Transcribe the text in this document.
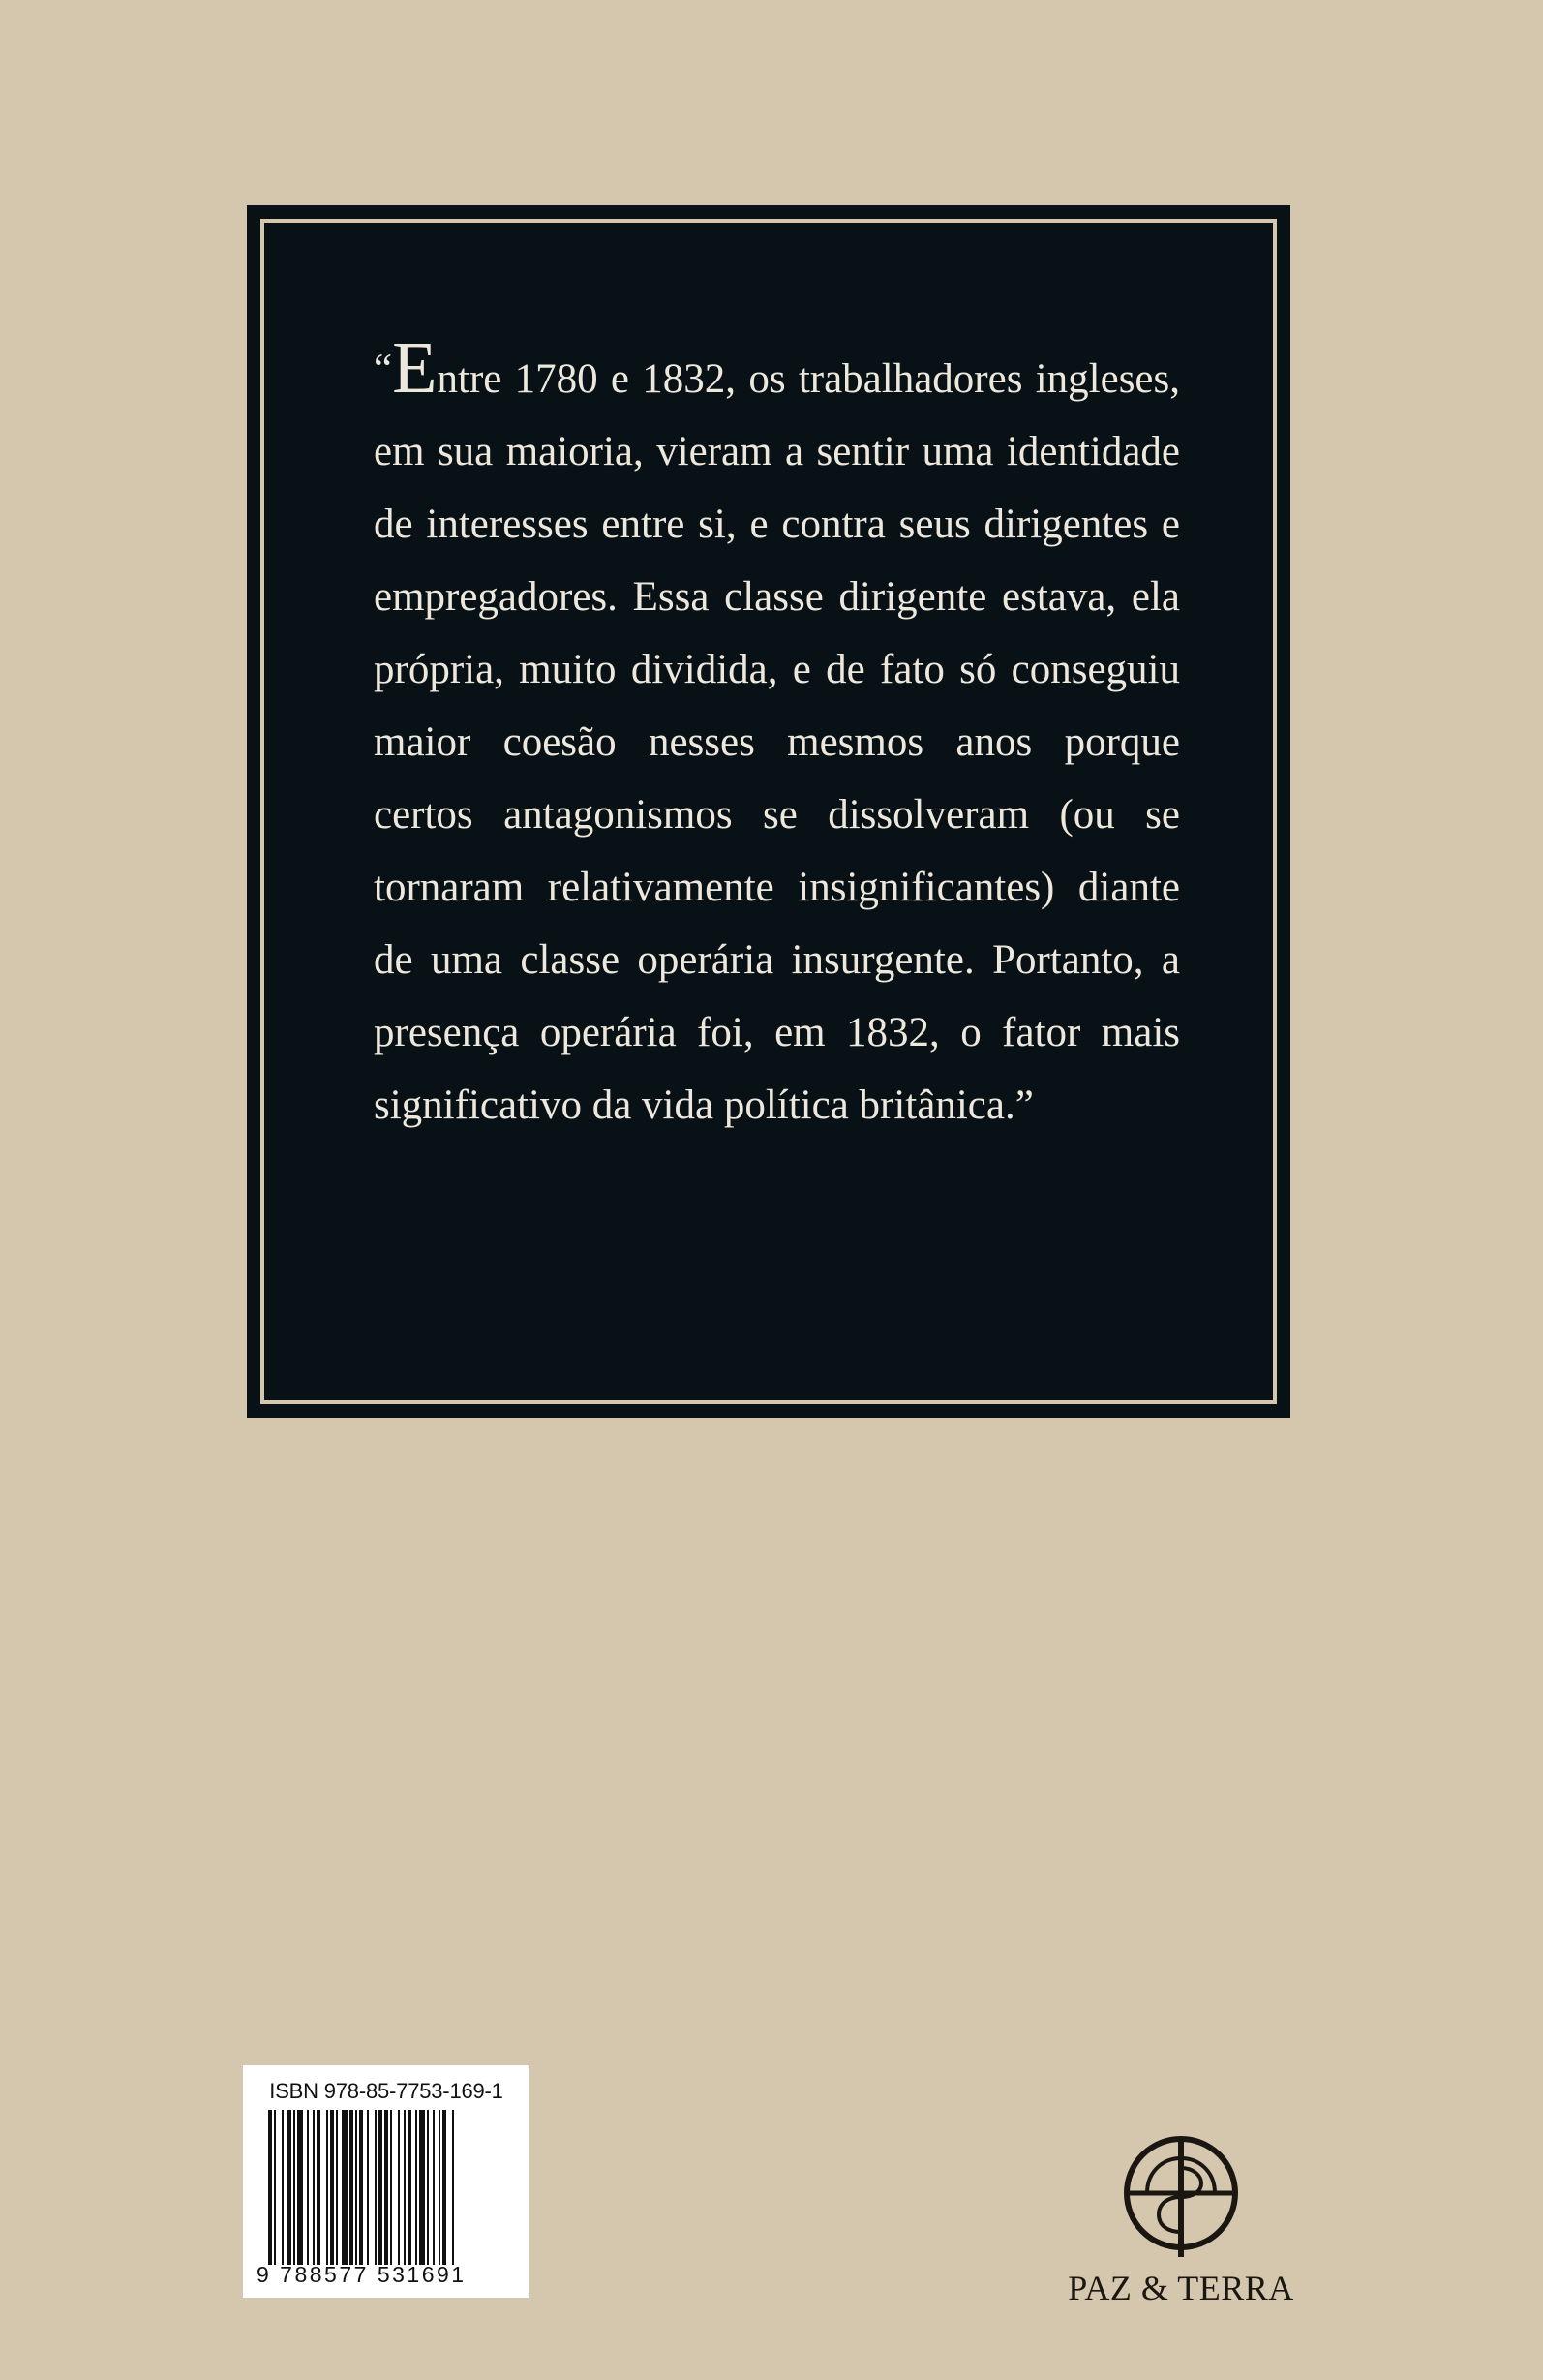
“Entre 1780 e 1832, os trabalhadores ingleses, em sua maioria, vieram a sentir uma identidade de interesses entre si, e contra seus dirigentes e empregadores. Essa classe dirigente estava, ela própria, muito dividida, e de fato só conseguiu maior coesão nesses mesmos anos porque certos antagonismos se dissolveram (ou se tornaram relativamente insignificantes) diante de uma classe operária insurgente. Portanto, a presença operária foi, em 1832, o fator mais significativo da vida política britânica.”

ISBN 978-85-7753-169-1
9 788577 531691	PAZ & TERRA
